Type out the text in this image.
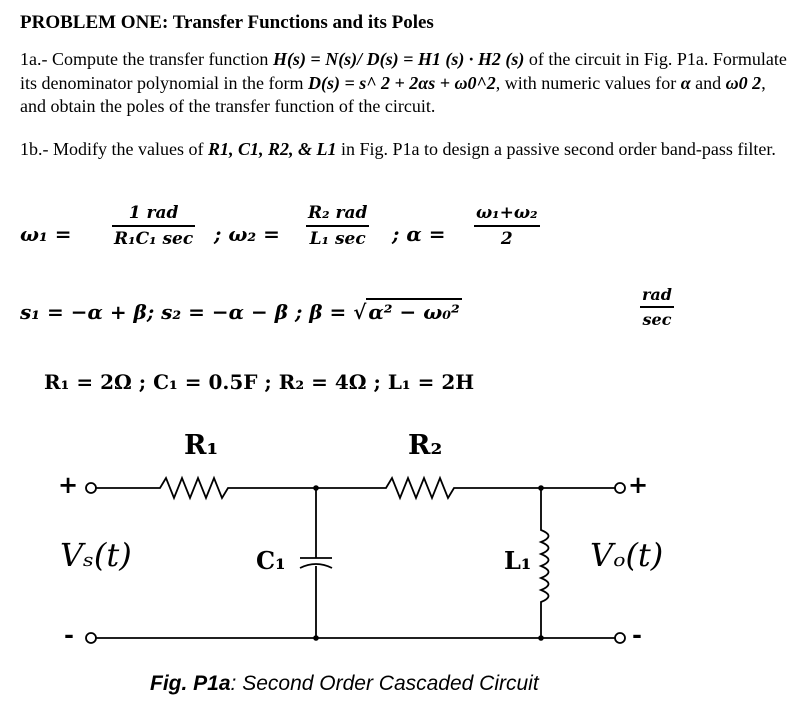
PROBLEM ONE: Transfer Functions and its Poles

1a.- Compute the transfer function H(s) = N(s)/ D(s) = H1 (s) · H2 (s) of the circuit in Fig. P1a. Formulate its denominator polynomial in the form D(s) = s^ 2 + 2αs + ω0^2, with numeric values for α and ω0 2, and obtain the poles of the transfer function of the circuit.

1b.- Modify the values of R1, C1, R2, & L1 in Fig. P1a to design a passive second order band-pass filter.

ω₁ =
1 rad
R₁C₁ sec ; ω₂ =
R₂ rad
L₁ sec ; α =
ω₁+ω₂
2
s₁ = −α + β; s₂ = −α − β ; β = √ α² − ω₀²
rad
sec
R₁ = 2Ω ; C₁ = 0.5F ; R₂ = 4Ω ; L₁ = 2H
R₁	R₂
C₁	L₁
Vₛ(t)	Vₒ(t)
+
-
+
-
Fig. P1a: Second Order Cascaded Circuit
